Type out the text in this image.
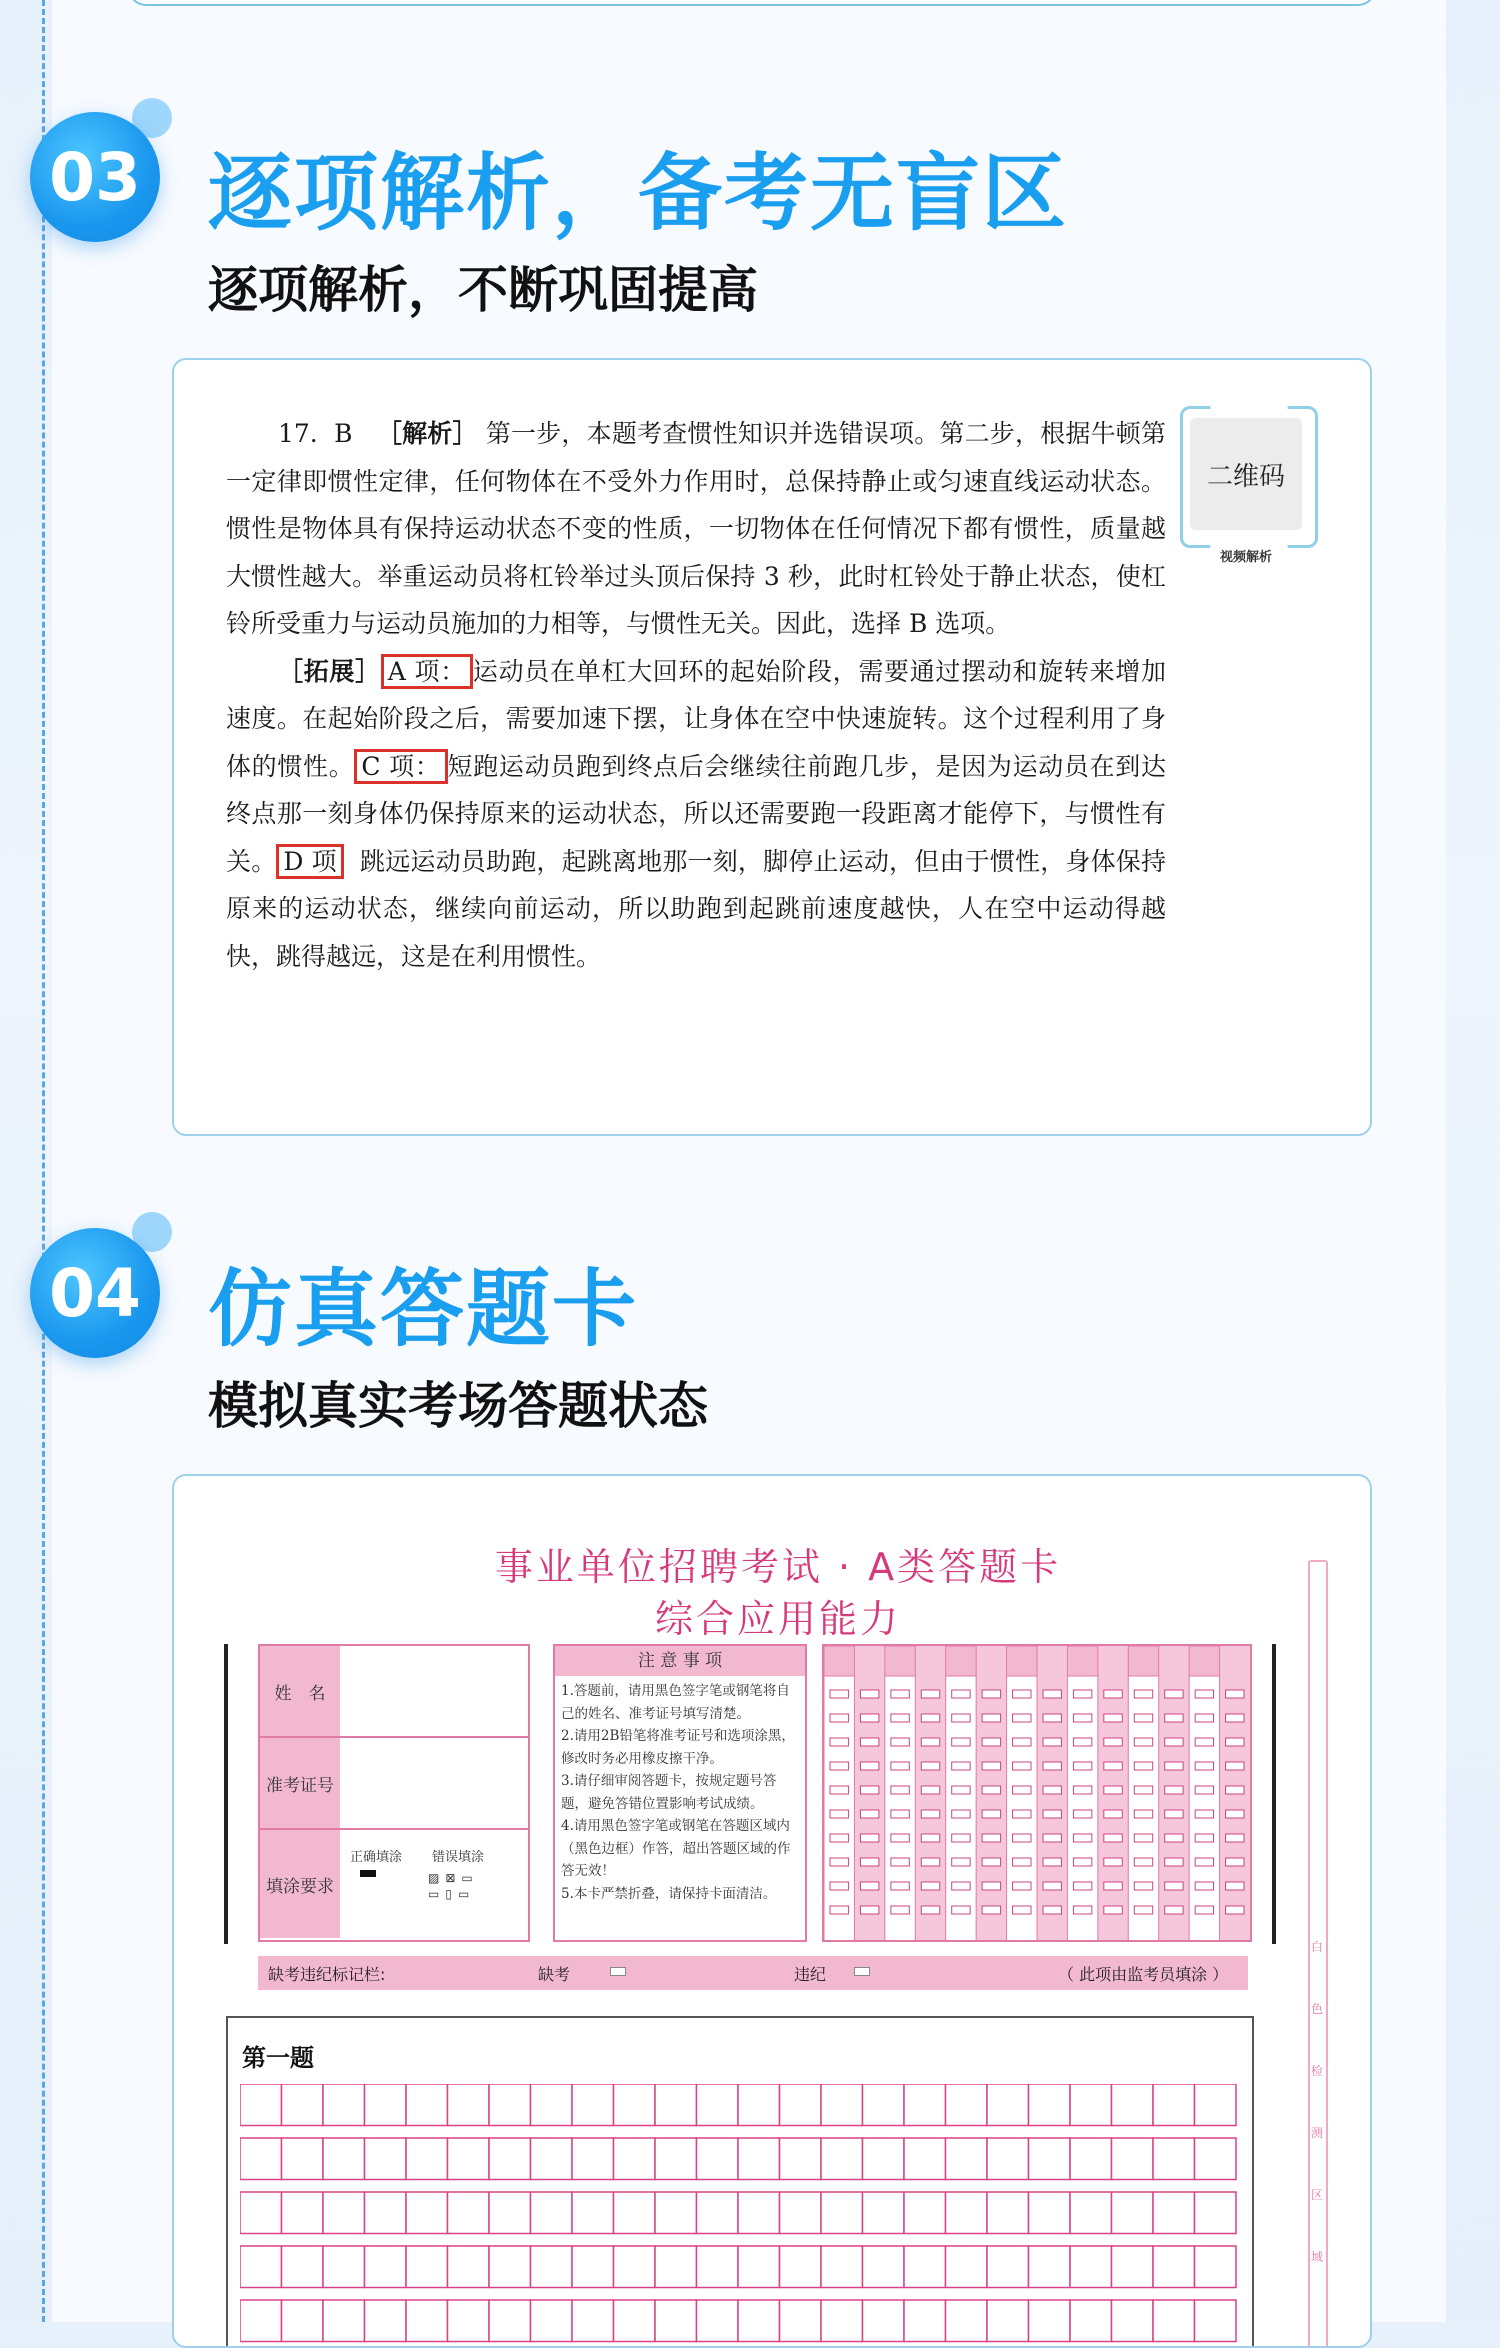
03 逐项解析，备考无盲区
逐项解析，不断巩固提高

17. B ［解析］ 第一步，本题考查惯性知识并选错误项。第二步，根据牛顿第一定律即惯性定律，任何物体在不受外力作用时，总保持静止或匀速直线运动状态。惯性是物体具有保持运动状态不变的性质，一切物体在任何情况下都有惯性，质量越大惯性越大。举重运动员将杠铃举过头顶后保持 3 秒，此时杠铃处于静止状态，使杠铃所受重力与运动员施加的力相等，与惯性无关。因此，选择 B 选项。

［拓展］ A 项： 运动员在单杠大回环的起始阶段，需要通过摆动和旋转来增加速度。在起始阶段之后，需要加速下摆，让身体在空中快速旋转。这个过程利用了身体的惯性。 C 项： 短跑运动员跑到终点后会继续往前跑几步，是因为运动员在到达终点那一刻身体仍保持原来的运动状态，所以还需要跑一段距离才能停下，与惯性有关。 D 项 跳远运动员助跑，起跳离地那一刻，脚停止运动，但由于惯性，身体保持原来的运动状态，继续向前运动，所以助跑到起跳前速度越快，人在空中运动得越快，跳得越远，这是在利用惯性。

二维码
视频解析
04 仿真答题卡
模拟真实考场答题状态
事业单位招聘考试 · A类答题卡
综合应用能力
姓　名
准考证号
填涂要求
正确填涂 错误填涂
▨⊠▭
▭▯▭
注 意 事 项
1.答题前，请用黑色签字笔或钢笔将自己的姓名、准考证号填写清楚。
2.请用2B铅笔将准考证号和选项涂黑，修改时务必用橡皮擦干净。
3.请仔细审阅答题卡，按规定题号答题，避免答错位置影响考试成绩。
4.请用黑色签字笔或钢笔在答题区域内（黑色边框）作答，超出答题区域的作答无效！
5.本卡严禁折叠，请保持卡面清洁。
缺考违纪标记栏:	缺考	违纪	（ 此项由监考员填涂 ）
第一题
白
色
检
测
区
域
